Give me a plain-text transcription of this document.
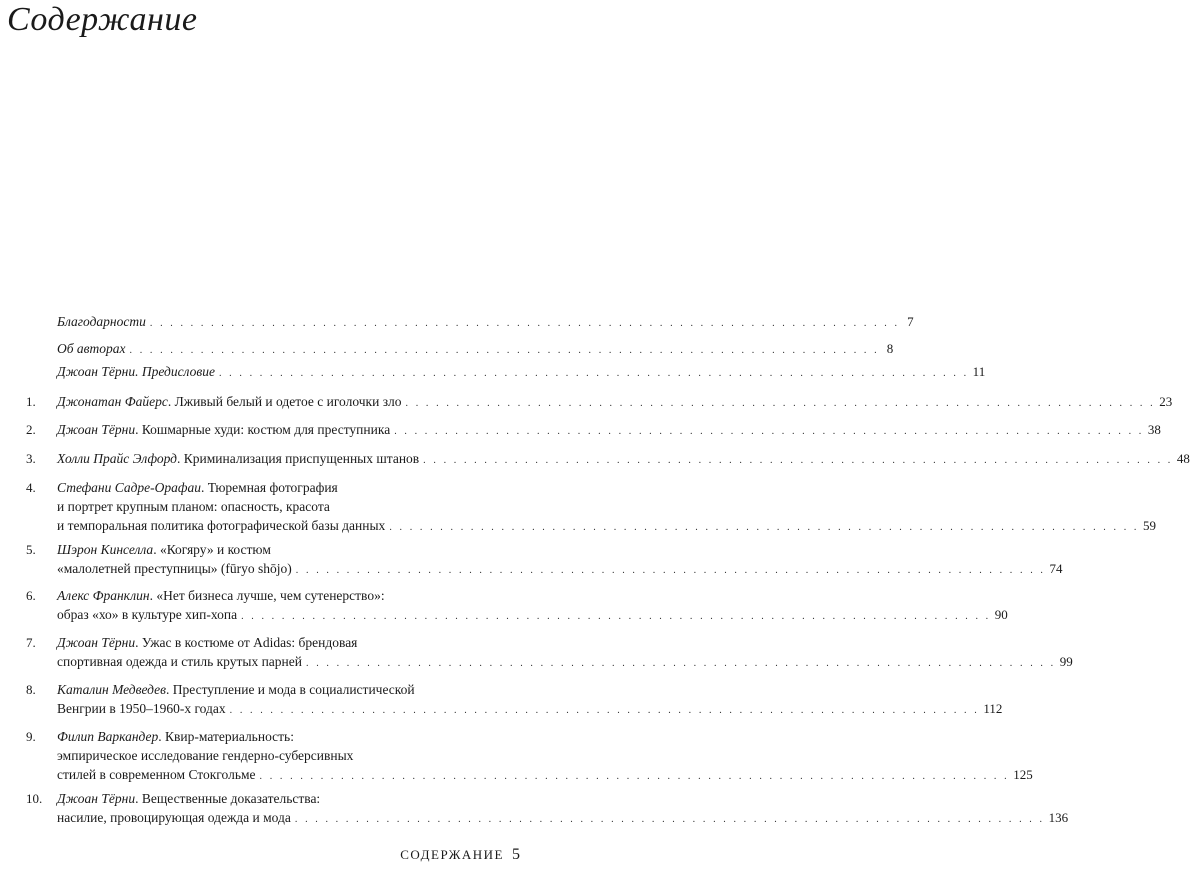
Содержание
Благодарности . . . . . . . . . . . . . . . . . . . . . . . . . . . . . . . . . . . . . . . . . . . . . . . . . . . . . . . . . . . . . . . . . . . . . . . . . . 7
Об авторах . . . . . . . . . . . . . . . . . . . . . . . . . . . . . . . . . . . . . . . . . . . . . . . . . . . . . . . . . . . . . . . . . . . . . . . . . . 8
Джоан Тёрни. Предисловие . . . . . . . . . . . . . . . . . . . . . . . . . . . . . . . . . . . . . . . . . . . . . . . . . . . . . . . . . . . . . . . . . . . . . . . . . . 11
1.	Джонатан Файерс. Лживый белый и одетое с иголочки зло . . . . . . . . . . . . . . . . . . . . . . . . . . . . . . . . . . . . . . . . . . . . . . . . . . . . . . . . . . . . . . . . . . . . . . . . . . 23
2.	Джоан Тёрни. Кошмарные худи: костюм для преступника . . . . . . . . . . . . . . . . . . . . . . . . . . . . . . . . . . . . . . . . . . . . . . . . . . . . . . . . . . . . . . . . . . . . . . . . . . 38
3.	Холли Прайс Элфорд. Криминализация приспущенных штанов . . . . . . . . . . . . . . . . . . . . . . . . . . . . . . . . . . . . . . . . . . . . . . . . . . . . . . . . . . . . . . . . . . . . . . . . . . 48
4.	Стефани Садре-Орафаи. Тюремная фотография
и портрет крупным планом: опасность, красота
и темпоральная политика фотографической базы данных . . . . . . . . . . . . . . . . . . . . . . . . . . . . . . . . . . . . . . . . . . . . . . . . . . . . . . . . . . . . . . . . . . . . . . . . . . 59
5.	Шэрон Кинселла. «Когяру» и костюм
«малолетней преступницы» (fūryo shōjo) . . . . . . . . . . . . . . . . . . . . . . . . . . . . . . . . . . . . . . . . . . . . . . . . . . . . . . . . . . . . . . . . . . . . . . . . . . 74
6.	Алекс Франклин. «Нет бизнеса лучше, чем сутенерство»:
образ «хо» в культуре хип-хопа . . . . . . . . . . . . . . . . . . . . . . . . . . . . . . . . . . . . . . . . . . . . . . . . . . . . . . . . . . . . . . . . . . . . . . . . . . 90
7.	Джоан Тёрни. Ужас в костюме от Adidas: брендовая
спортивная одежда и стиль крутых парней . . . . . . . . . . . . . . . . . . . . . . . . . . . . . . . . . . . . . . . . . . . . . . . . . . . . . . . . . . . . . . . . . . . . . . . . . . 99
8.	Каталин Медведев. Преступление и мода в социалистической
Венгрии в 1950–1960-х годах . . . . . . . . . . . . . . . . . . . . . . . . . . . . . . . . . . . . . . . . . . . . . . . . . . . . . . . . . . . . . . . . . . . . . . . . . . 112
9.	Филип Варкандер. Квир-материальность:
эмпирическое исследование гендерно-суберсивных
стилей в современном Стокгольме . . . . . . . . . . . . . . . . . . . . . . . . . . . . . . . . . . . . . . . . . . . . . . . . . . . . . . . . . . . . . . . . . . . . . . . . . . 125
10.	Джоан Тёрни. Вещественные доказательства:
насилие, провоцирующая одежда и мода . . . . . . . . . . . . . . . . . . . . . . . . . . . . . . . . . . . . . . . . . . . . . . . . . . . . . . . . . . . . . . . . . . . . . . . . . . 136
СОДЕРЖАНИЕ 5
